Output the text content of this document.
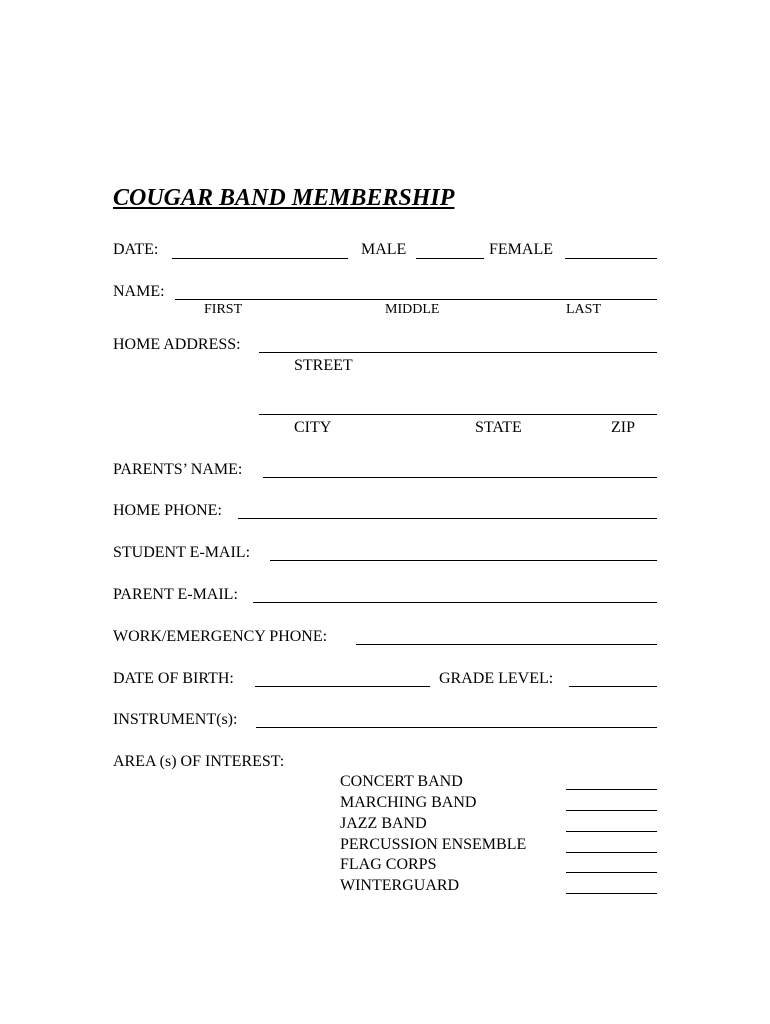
COUGAR BAND MEMBERSHIP
DATE:	MALE	FEMALE
NAME:
FIRST	MIDDLE	LAST
HOME ADDRESS:
STREET
CITY	STATE	ZIP
PARENTS’ NAME:
HOME PHONE:
STUDENT E-MAIL:
PARENT E-MAIL:
WORK/EMERGENCY PHONE:
DATE OF BIRTH:	GRADE LEVEL:
INSTRUMENT(s):
AREA (s) OF INTEREST:
CONCERT BAND
MARCHING BAND
JAZZ BAND
PERCUSSION ENSEMBLE
FLAG CORPS
WINTERGUARD
